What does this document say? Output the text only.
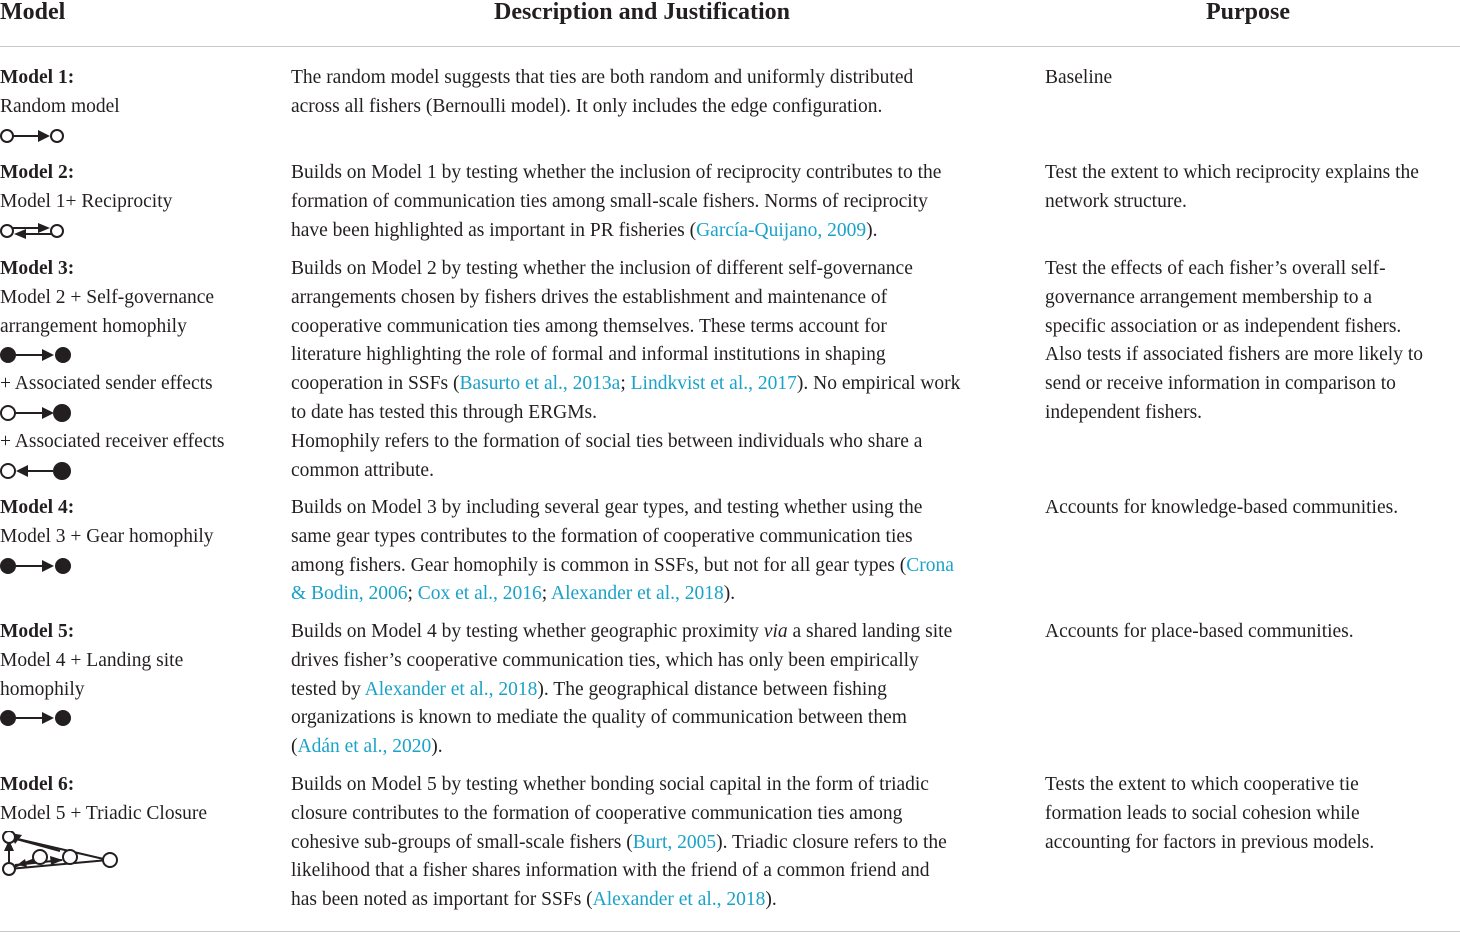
Model	Description and Justification	Purpose
Model 1:
Random model
The random model suggests that ties are both random and uniformly distributed
across all fishers (Bernoulli model). It only includes the edge configuration.
Baseline
Model 2:
Model 1+ Reciprocity
Builds on Model 1 by testing whether the inclusion of reciprocity contributes to the
formation of communication ties among small-scale fishers. Norms of reciprocity
have been highlighted as important in PR fisheries (García-Quijano, 2009).
Test the extent to which reciprocity explains the
network structure.
Model 3:
Model 2 + Self-governance
arrangement homophily
+ Associated sender effects
+ Associated receiver effects
Builds on Model 2 by testing whether the inclusion of different self-governance
arrangements chosen by fishers drives the establishment and maintenance of
cooperative communication ties among themselves. These terms account for
literature highlighting the role of formal and informal institutions in shaping
cooperation in SSFs (Basurto et al., 2013a; Lindkvist et al., 2017). No empirical work
to date has tested this through ERGMs.
Homophily refers to the formation of social ties between individuals who share a
common attribute.
Test the effects of each fisher’s overall self-
governance arrangement membership to a
specific association or as independent fishers.
Also tests if associated fishers are more likely to
send or receive information in comparison to
independent fishers.
Model 4:
Model 3 + Gear homophily
Builds on Model 3 by including several gear types, and testing whether using the
same gear types contributes to the formation of cooperative communication ties
among fishers. Gear homophily is common in SSFs, but not for all gear types (Crona
& Bodin, 2006; Cox et al., 2016; Alexander et al., 2018).
Accounts for knowledge-based communities.
Model 5:
Model 4 + Landing site
homophily
Builds on Model 4 by testing whether geographic proximity via a shared landing site
drives fisher’s cooperative communication ties, which has only been empirically
tested by Alexander et al., 2018). The geographical distance between fishing
organizations is known to mediate the quality of communication between them
(Adán et al., 2020).
Accounts for place-based communities.
Model 6:
Model 5 + Triadic Closure
Builds on Model 5 by testing whether bonding social capital in the form of triadic
closure contributes to the formation of cooperative communication ties among
cohesive sub-groups of small-scale fishers (Burt, 2005). Triadic closure refers to the
likelihood that a fisher shares information with the friend of a common friend and
has been noted as important for SSFs (Alexander et al., 2018).
Tests the extent to which cooperative tie
formation leads to social cohesion while
accounting for factors in previous models.
